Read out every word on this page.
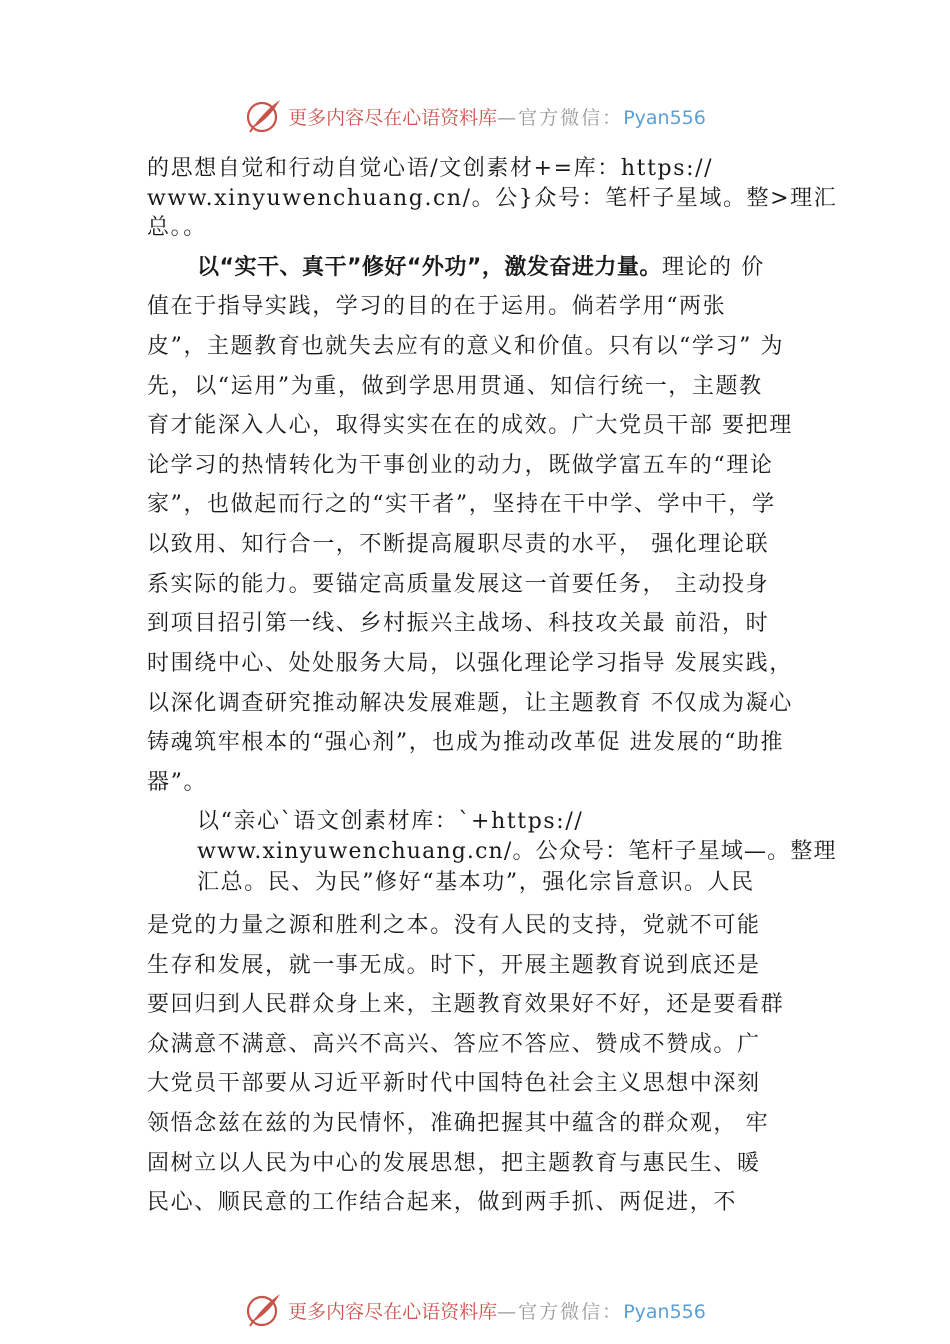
更多内容尽在心语资料库—官方微信：Pyan556
的思想自觉和行动自觉心语/文创素材+=库：https://
www.xinyuwenchuang.cn/。公}众号：笔杆子星域。整>理汇
总。。
以“实干、真干”修好“外功”，激发奋进力量。理论的 价
值在于指导实践，学习的目的在于运用。倘若学用“两张
皮”，主题教育也就失去应有的意义和价值。只有以“学习” 为
先，以“运用”为重，做到学思用贯通、知信行统一，主题教
育才能深入人心，取得实实在在的成效。广大党员干部 要把理
论学习的热情转化为干事创业的动力，既做学富五车的“理论
家”，也做起而行之的“实干者”，坚持在干中学、学中干，学
以致用、知行合一，不断提高履职尽责的水平， 强化理论联
系实际的能力。要锚定高质量发展这一首要任务， 主动投身
到项目招引第一线、乡村振兴主战场、科技攻关最 前沿，时
时围绕中心、处处服务大局，以强化理论学习指导 发展实践，
以深化调查研究推动解决发展难题，让主题教育 不仅成为凝心
铸魂筑牢根本的“强心剂”，也成为推动改革促 进发展的“助推
器”。
以“亲心`语文创素材库：`+https://
www.xinyuwenchuang.cn/。公众号：笔杆子星域—。整理
汇总。民、为民”修好“基本功”，强化宗旨意识。人民
是党的力量之源和胜利之本。没有人民的支持，党就不可能
生存和发展，就一事无成。时下，开展主题教育说到底还是
要回归到人民群众身上来，主题教育效果好不好，还是要看群
众满意不满意、高兴不高兴、答应不答应、赞成不赞成。广
大党员干部要从习近平新时代中国特色社会主义思想中深刻
领悟念兹在兹的为民情怀，准确把握其中蕴含的群众观， 牢
固树立以人民为中心的发展思想，把主题教育与惠民生、暖
民心、顺民意的工作结合起来，做到两手抓、两促进，不
更多内容尽在心语资料库—官方微信：Pyan556
